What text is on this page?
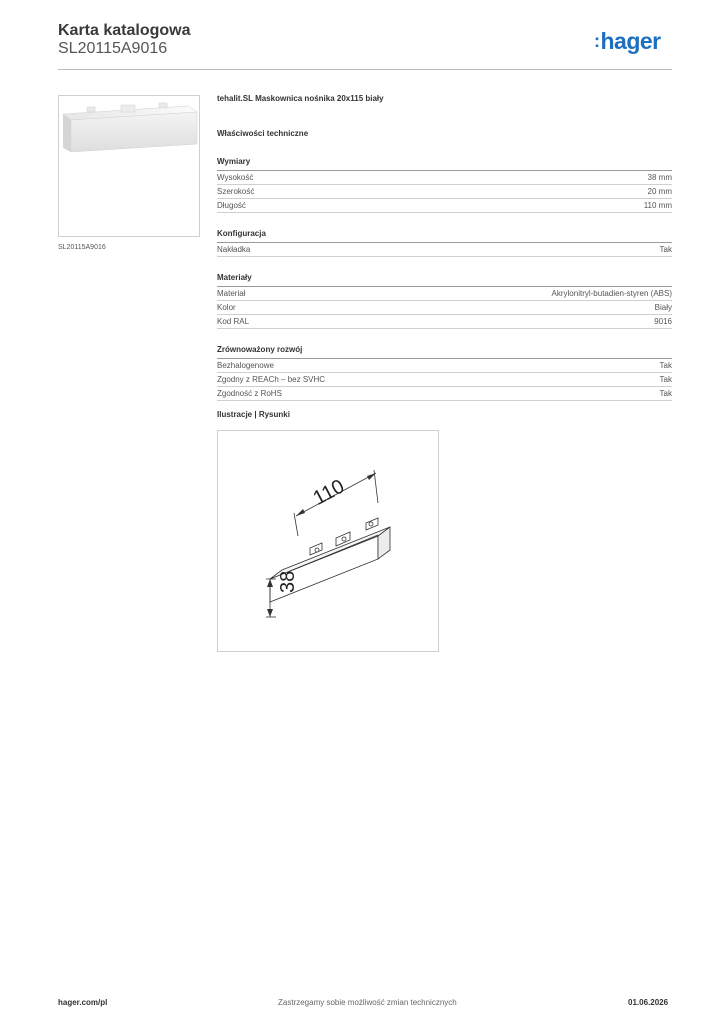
Karta katalogowa
SL20115A9016	:hager
SL20115A9016
tehalit.SL Maskownica nośnika 20x115 biały
Właściwości techniczne
Wymiary
Wysokość	38 mm
Szerokość	20 mm
Długość	110 mm
Konfiguracja
Nakładka	Tak
Materiały
Materiał	Akrylonitryl-butadien-styren (ABS)
Kolor	Biały
Kod RAL	9016
Zrównoważony rozwój
Bezhalogenowe	Tak
Zgodny z REACh – bez SVHC	Tak
Zgodność z RoHS	Tak
Ilustracje | Rysunki
110
38
hager.com/pl	Zastrzegamy sobie możliwość zmian technicznych	01.06.2026
